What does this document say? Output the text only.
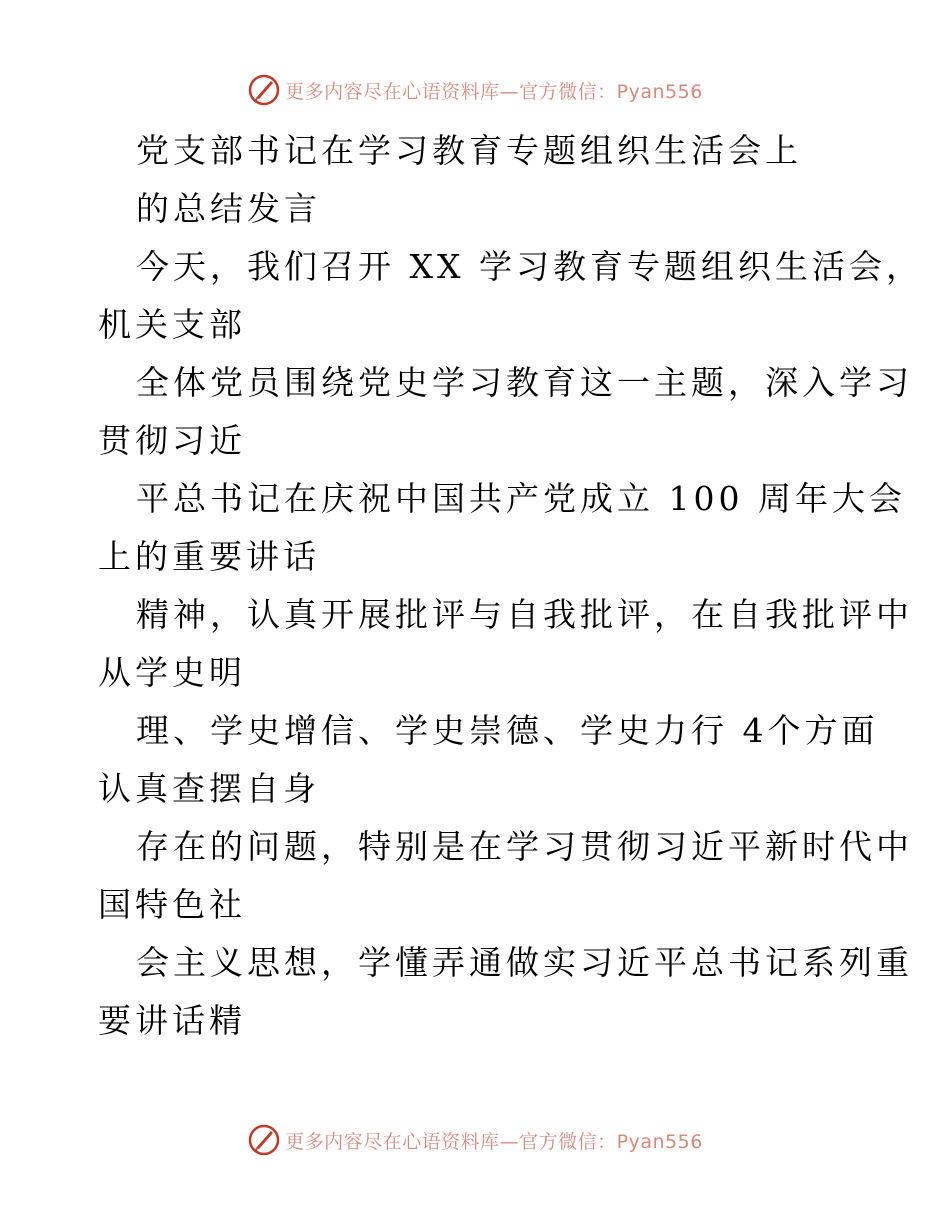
更多内容尽在心语资料库—官方微信：Pyan556
党支部书记在学习教育专题组织生活会上
的总结发言
今天，我们召开 XX 学习教育专题组织生活会，
机关支部
全体党员围绕党史学习教育这一主题，深入学习
贯彻习近
平总书记在庆祝中国共产党成立 100 周年大会
上的重要讲话
精神，认真开展批评与自我批评，在自我批评中
从学史明
理、学史增信、学史崇德、学史力行 4个方面
认真查摆自身
存在的问题，特别是在学习贯彻习近平新时代中
国特色社
会主义思想，学懂弄通做实习近平总书记系列重
要讲话精
更多内容尽在心语资料库—官方微信：Pyan556
